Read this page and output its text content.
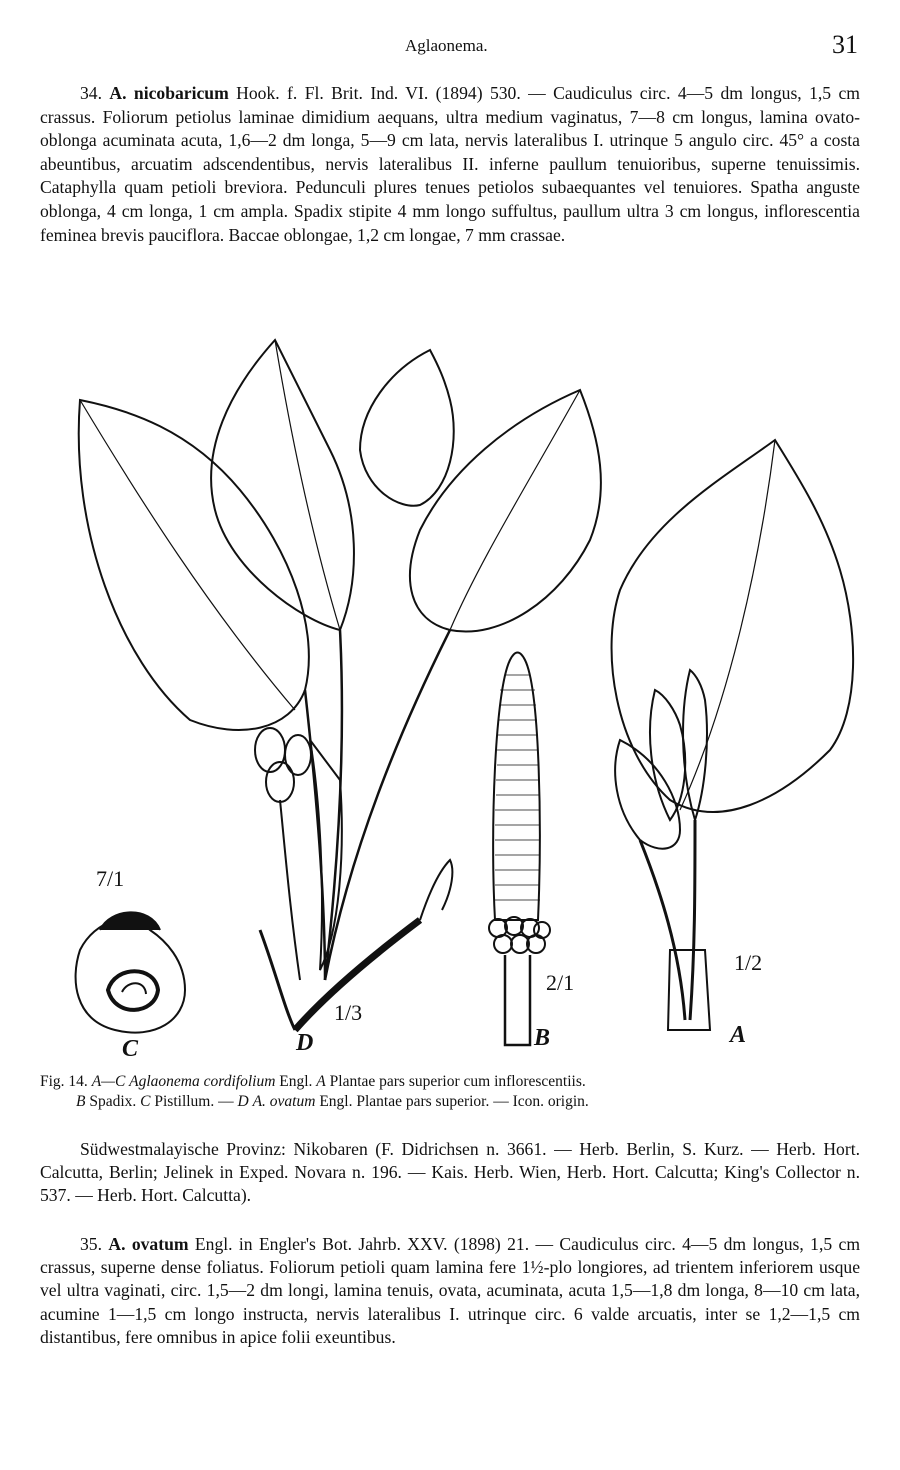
Aglaonema.	31

34. A. nicobaricum Hook. f. Fl. Brit. Ind. VI. (1894) 530. — Caudiculus circ. 4—5 dm longus, 1,5 cm crassus. Foliorum petiolus laminae dimidium aequans, ultra medium vaginatus, 7—8 cm longus, lamina ovato-oblonga acuminata acuta, 1,6—2 dm longa, 5—9 cm lata, nervis lateralibus I. utrinque 5 angulo circ. 45° a costa abeuntibus, arcuatim adscendentibus, nervis lateralibus II. inferne paullum tenuioribus, superne tenuissimis. Cataphylla quam petioli breviora. Pedunculi plures tenues petiolos subaequantes vel tenuiores. Spatha anguste oblonga, 4 cm longa, 1 cm ampla. Spadix stipite 4 mm longo suffultus, paullum ultra 3 cm longus, inflorescentia feminea brevis pauciflora. Baccae oblongae, 1,2 cm longae, 7 mm crassae.

7/1
C	D
1/3
2/1
B
1/2
A

Fig. 14. A—C Aglaonema cordifolium Engl. A Plantae pars superior cum inflorescentiis.
B Spadix. C Pistillum. — D A. ovatum Engl. Plantae pars superior. — Icon. origin.

Südwestmalayische Provinz: Nikobaren (F. Didrichsen n. 3661. — Herb. Berlin, S. Kurz. — Herb. Hort. Calcutta, Berlin; Jelinek in Exped. Novara n. 196. — Kais. Herb. Wien, Herb. Hort. Calcutta; King's Collector n. 537. — Herb. Hort. Calcutta).

35. A. ovatum Engl. in Engler's Bot. Jahrb. XXV. (1898) 21. — Caudiculus circ. 4—5 dm longus, 1,5 cm crassus, superne dense foliatus. Foliorum petioli quam lamina fere 1½-plo longiores, ad trientem inferiorem usque vel ultra vaginati, circ. 1,5—2 dm longi, lamina tenuis, ovata, acuminata, acuta 1,5—1,8 dm longa, 8—10 cm lata, acumine 1—1,5 cm longo instructa, nervis lateralibus I. utrinque circ. 6 valde arcuatis, inter se 1,2—1,5 cm distantibus, fere omnibus in apice folii exeuntibus.
